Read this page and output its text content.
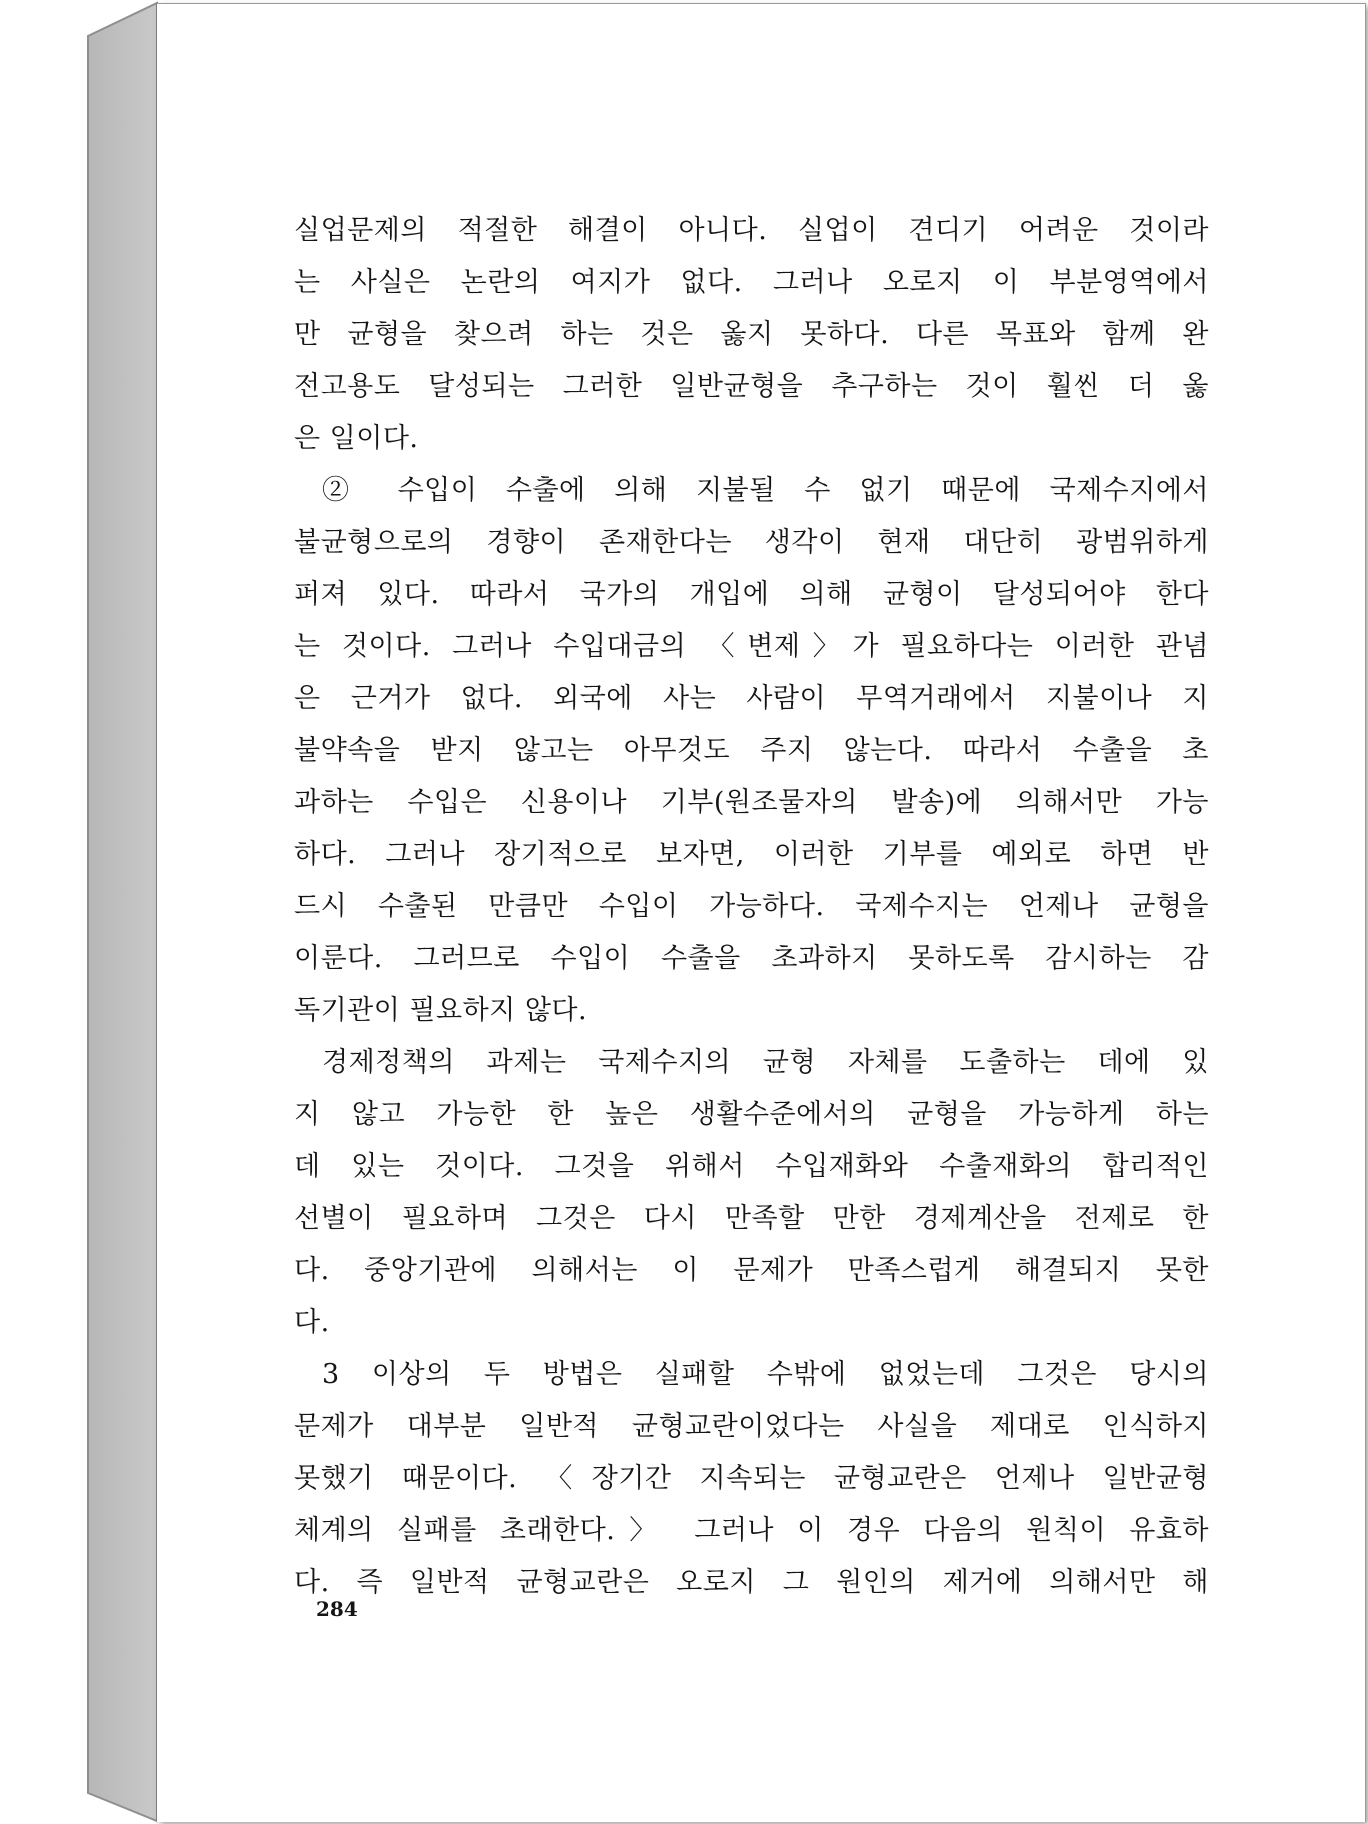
실업문제의 적절한 해결이 아니다. 실업이 견디기 어려운 것이라
는 사실은 논란의 여지가 없다. 그러나 오로지 이 부분영역에서
만 균형을 찾으려 하는 것은 옳지 못하다. 다른 목표와 함께 완
전고용도 달성되는 그러한 일반균형을 추구하는 것이 훨씬 더 옳
은 일이다.
② 수입이 수출에 의해 지불될 수 없기 때문에 국제수지에서
불균형으로의 경향이 존재한다는 생각이 현재 대단히 광범위하게
퍼져 있다. 따라서 국가의 개입에 의해 균형이 달성되어야 한다
는 것이다. 그러나 수입대금의 〈변제〉가 필요하다는 이러한 관념
은 근거가 없다. 외국에 사는 사람이 무역거래에서 지불이나 지
불약속을 받지 않고는 아무것도 주지 않는다. 따라서 수출을 초
과하는 수입은 신용이나 기부(원조물자의 발송)에 의해서만 가능
하다. 그러나 장기적으로 보자면, 이러한 기부를 예외로 하면 반
드시 수출된 만큼만 수입이 가능하다. 국제수지는 언제나 균형을
이룬다. 그러므로 수입이 수출을 초과하지 못하도록 감시하는 감
독기관이 필요하지 않다.
경제정책의 과제는 국제수지의 균형 자체를 도출하는 데에 있
지 않고 가능한 한 높은 생활수준에서의 균형을 가능하게 하는
데 있는 것이다. 그것을 위해서 수입재화와 수출재화의 합리적인
선별이 필요하며 그것은 다시 만족할 만한 경제계산을 전제로 한
다. 중앙기관에 의해서는 이 문제가 만족스럽게 해결되지 못한
다.
3 이상의 두 방법은 실패할 수밖에 없었는데 그것은 당시의
문제가 대부분 일반적 균형교란이었다는 사실을 제대로 인식하지
못했기 때문이다. 〈장기간 지속되는 균형교란은 언제나 일반균형
체계의 실패를 초래한다.〉 그러나 이 경우 다음의 원칙이 유효하
다. 즉 일반적 균형교란은 오로지 그 원인의 제거에 의해서만 해
284
